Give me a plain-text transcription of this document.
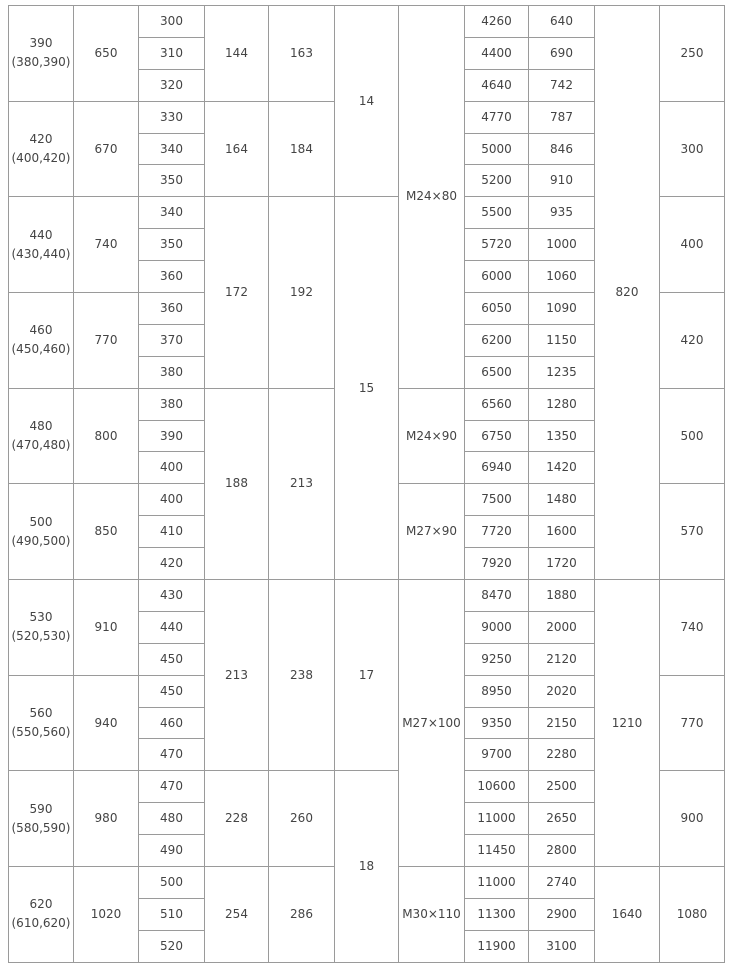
390
(380,390)	650	300	144	163	14	M24×80	4260	640	820	250
		310					4400	690		
		320					4640	742		

420
(400,420)	670	330	164	184			4770	787		300
		340					5000	846		
		350					5200	910		

440
(430,440)	740	340	172	192	15		5500	935		400
		350					5720	1000		
		360					6000	1060		

460
(450,460)	770	360					6050	1090		420
		370					6200	1150		
		380					6500	1235		

480
(470,480)	800	380	188	213		M24×90	6560	1280		500
		390					6750	1350		
		400					6940	1420		

500
(490,500)	850	400				M27×90	7500	1480		570
		410					7720	1600		
		420					7920	1720		

530
(520,530)	910	430	213	238	17	M27×100	8470	1880	1210	740
		440					9000	2000		
		450					9250	2120		

560
(550,560)	940	450					8950	2020		770
		460					9350	2150		
		470					9700	2280		

590
(580,590)	980	470	228	260	18		10600	2500		900
		480					11000	2650		
		490					11450	2800		

620
(610,620)	1020	500	254	286		M30×110	11000	2740	1640	1080
		510					11300	2900		
		520					11900	3100		
